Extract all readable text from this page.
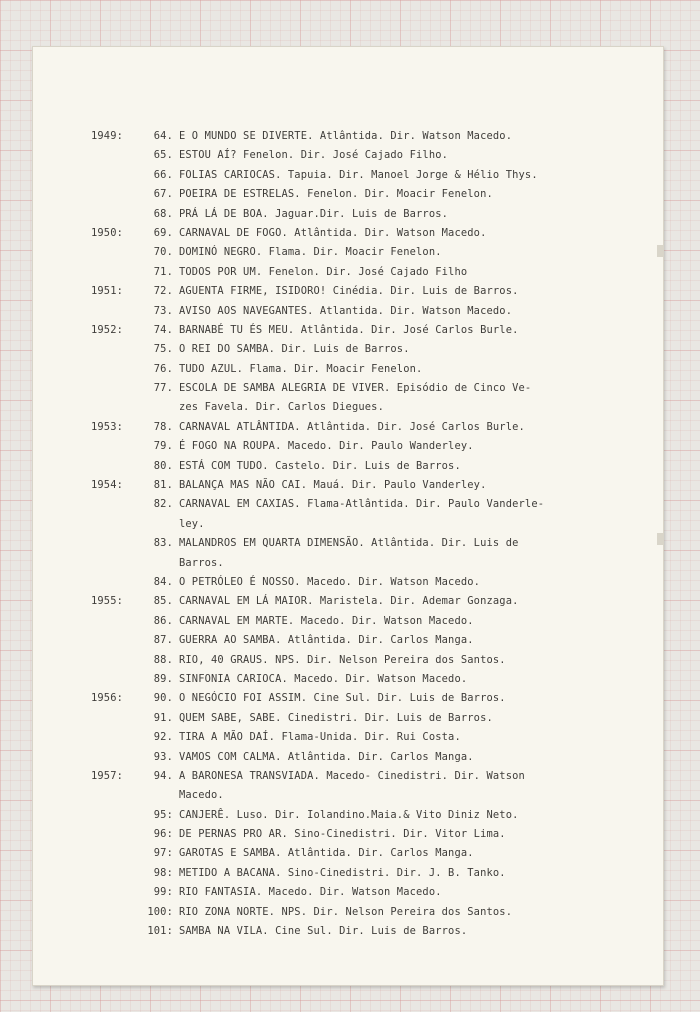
1949:	64. E O MUNDO SE DIVERTE. Atlântida. Dir. Watson Macedo.
65. ESTOU AÍ? Fenelon. Dir. José Cajado Filho.
66. FOLIAS CARIOCAS. Tapuia. Dir. Manoel Jorge & Hélio Thys.
67. POEIRA DE ESTRELAS. Fenelon. Dir. Moacir Fenelon.
68. PRÁ LÁ DE BOA. Jaguar.Dir. Luis de Barros.
1950:	69. CARNAVAL DE FOGO. Atlântida. Dir. Watson Macedo.
70. DOMINÓ NEGRO. Flama. Dir. Moacir Fenelon.
71. TODOS POR UM. Fenelon. Dir. José Cajado Filho
1951:	72. AGUENTA FIRME, ISIDORO! Cinédia. Dir. Luis de Barros.
73. AVISO AOS NAVEGANTES. Atlantida. Dir. Watson Macedo.
1952:	74. BARNABÉ TU ÉS MEU. Atlântida. Dir. José Carlos Burle.
75. O REI DO SAMBA. Dir. Luis de Barros.
76. TUDO AZUL. Flama. Dir. Moacir Fenelon.
77. ESCOLA DE SAMBA ALEGRIA DE VIVER. Episódio de Cinco Ve-
zes Favela. Dir. Carlos Diegues.
1953:	78. CARNAVAL ATLÂNTIDA. Atlântida. Dir. José Carlos Burle.
79. É FOGO NA ROUPA. Macedo. Dir. Paulo Wanderley.
80. ESTÁ COM TUDO. Castelo. Dir. Luis de Barros.
1954:	81. BALANÇA MAS NÃO CAI. Mauá. Dir. Paulo Vanderley.
82. CARNAVAL EM CAXIAS. Flama-Atlântida. Dir. Paulo Vanderle-
ley.
83. MALANDROS EM QUARTA DIMENSÃO. Atlântida. Dir. Luis de
Barros.
84. O PETRÓLEO É NOSSO. Macedo. Dir. Watson Macedo.
1955:	85. CARNAVAL EM LÁ MAIOR. Maristela. Dir. Ademar Gonzaga.
86. CARNAVAL EM MARTE. Macedo. Dir. Watson Macedo.
87. GUERRA AO SAMBA. Atlântida. Dir. Carlos Manga.
88. RIO, 40 GRAUS. NPS. Dir. Nelson Pereira dos Santos.
89. SINFONIA CARIOCA. Macedo. Dir. Watson Macedo.
1956:	90. O NEGÓCIO FOI ASSIM. Cine Sul. Dir. Luis de Barros.
91. QUEM SABE, SABE. Cinedistri. Dir. Luis de Barros.
92. TIRA A MÃO DAÍ. Flama-Unida. Dir. Rui Costa.
93. VAMOS COM CALMA. Atlântida. Dir. Carlos Manga.
1957:	94. A BARONESA TRANSVIADA. Macedo- Cinedistri. Dir. Watson
Macedo.
95: CANJERÊ. Luso. Dir. Iolandino.Maia.& Vito Diniz Neto.
96: DE PERNAS PRO AR. Sino-Cinedistri. Dir. Vitor Lima.
97: GAROTAS E SAMBA. Atlântida. Dir. Carlos Manga.
98: METIDO A BACANA. Sino-Cinedistri. Dir. J. B. Tanko.
99: RIO FANTASIA. Macedo. Dir. Watson Macedo.
100: RIO ZONA NORTE. NPS. Dir. Nelson Pereira dos Santos.
101: SAMBA NA VILA. Cine Sul. Dir. Luis de Barros.
